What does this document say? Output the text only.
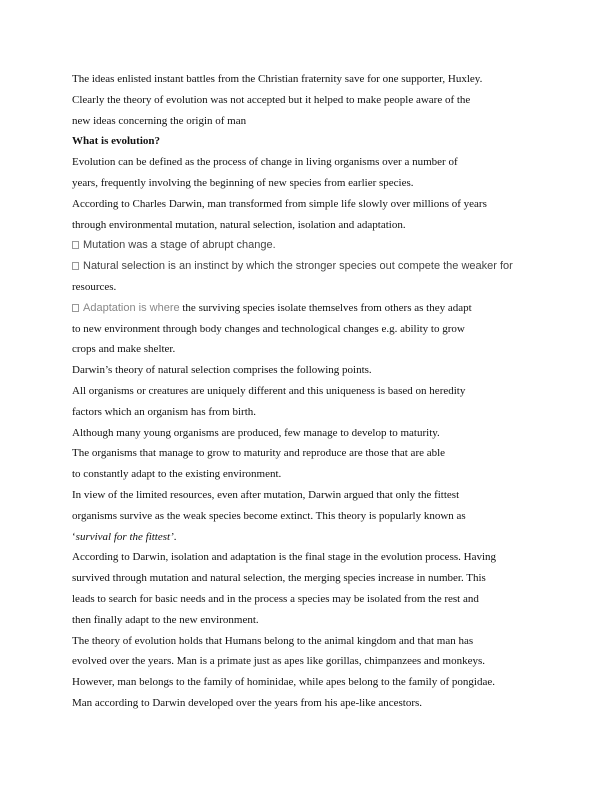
The ideas enlisted instant battles from the Christian fraternity save for one supporter, Huxley.
Clearly the theory of evolution was not accepted but it helped to make people aware of the
new ideas concerning the origin of man
What is evolution?
Evolution can be defined as the process of change in living organisms over a number of
years, frequently involving the beginning of new species from earlier species.
According to Charles Darwin, man transformed from simple life slowly over millions of years
through environmental mutation, natural selection, isolation and adaptation.
Mutation was a stage of abrupt change.
Natural selection is an instinct by which the stronger species out compete the weaker for
resources.
Adaptation is where the surviving species isolate themselves from others as they adapt
to new environment through body changes and technological changes e.g. ability to grow
crops and make shelter.
Darwin’s theory of natural selection comprises the following points.
All organisms or creatures are uniquely different and this uniqueness is based on heredity
factors which an organism has from birth.
Although many young organisms are produced, few manage to develop to maturity.
The organisms that manage to grow to maturity and reproduce are those that are able
to constantly adapt to the existing environment.
In view of the limited resources, even after mutation, Darwin argued that only the fittest
organisms survive as the weak species become extinct. This theory is popularly known as
‘survival for the fittest’.
According to Darwin, isolation and adaptation is the final stage in the evolution process. Having
survived through mutation and natural selection, the merging species increase in number. This
leads to search for basic needs and in the process a species may be isolated from the rest and
then finally adapt to the new environment.
The theory of evolution holds that Humans belong to the animal kingdom and that man has
evolved over the years. Man is a primate just as apes like gorillas, chimpanzees and monkeys.
However, man belongs to the family of hominidae, while apes belong to the family of pongidae.
Man according to Darwin developed over the years from his ape-like ancestors.
